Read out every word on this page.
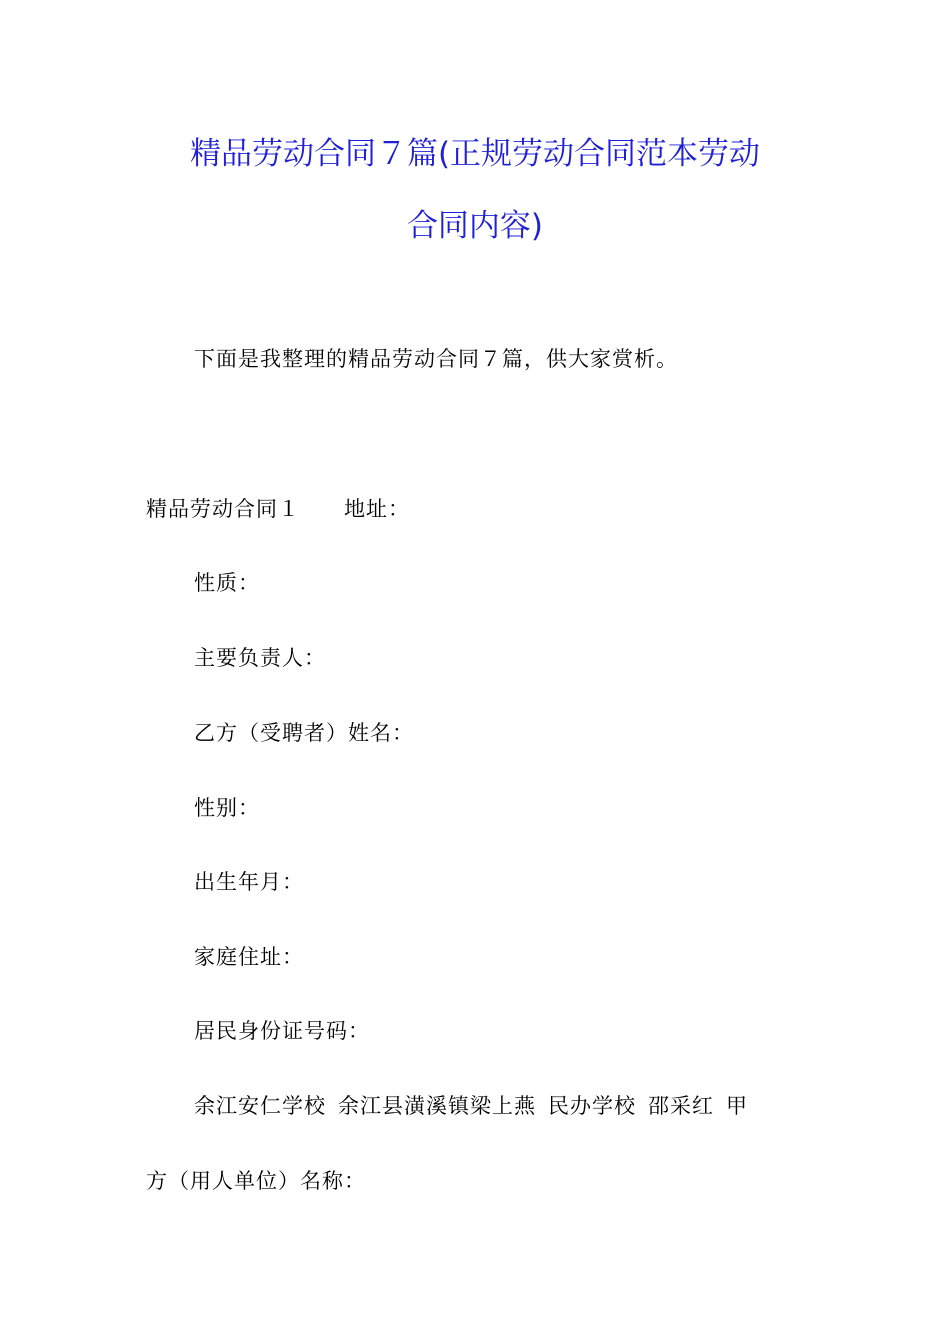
精品劳动合同７篇(正规劳动合同范本劳动
合同内容)
下面是我整理的精品劳动合同７篇，供大家赏析。
精品劳动合同１ 地址：
性质：
主要负责人：
乙方（受聘者）姓名：
性别：
出生年月：
家庭住址：
居民身份证号码：
余江安仁学校 余江县潢溪镇梁上燕 民办学校 邵采红 甲
方（用人单位）名称：
